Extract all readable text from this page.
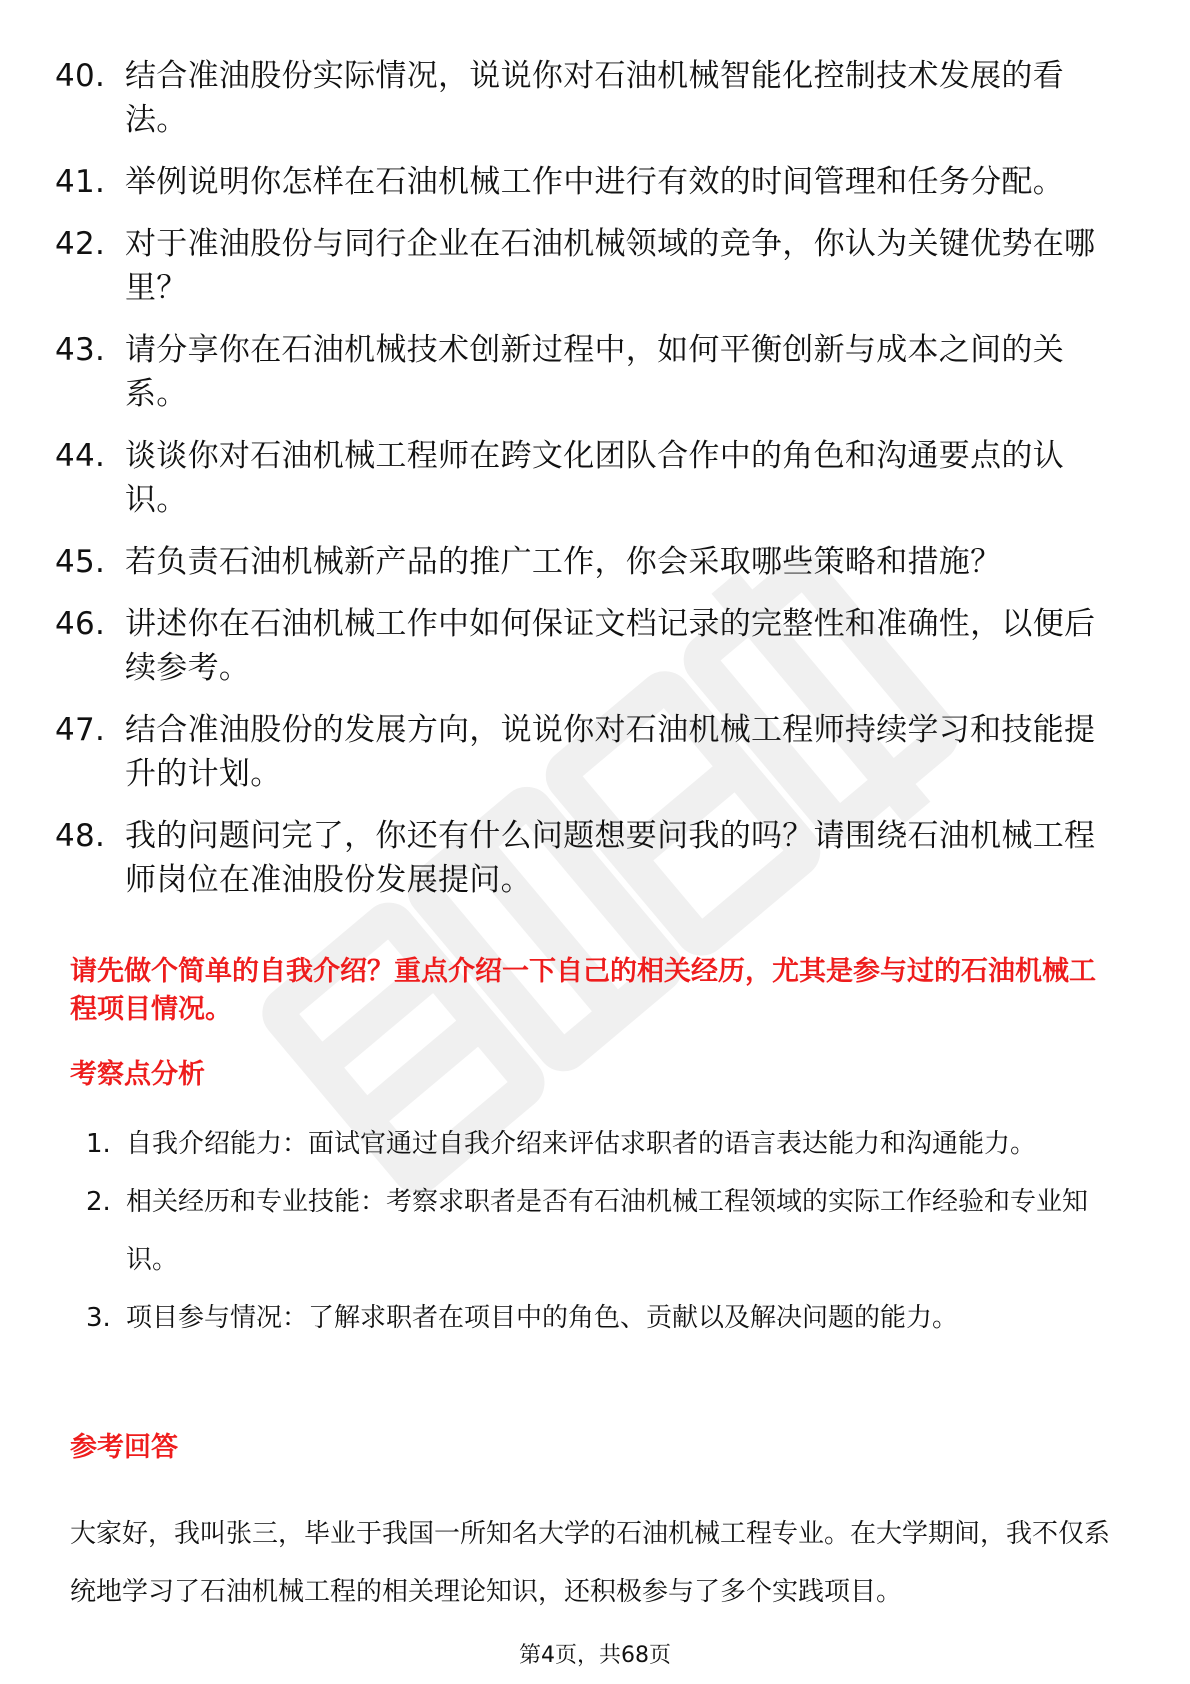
40. 结合准油股份实际情况，说说你对石油机械智能化控制技术发展的看法。
41. 举例说明你怎样在石油机械工作中进行有效的时间管理和任务分配。
42. 对于准油股份与同行企业在石油机械领域的竞争，你认为关键优势在哪里？
43. 请分享你在石油机械技术创新过程中，如何平衡创新与成本之间的关系。
44. 谈谈你对石油机械工程师在跨文化团队合作中的角色和沟通要点的认识。
45. 若负责石油机械新产品的推广工作，你会采取哪些策略和措施？
46. 讲述你在石油机械工作中如何保证文档记录的完整性和准确性，以便后续参考。
47. 结合准油股份的发展方向，说说你对石油机械工程师持续学习和技能提升的计划。
48. 我的问题问完了，你还有什么问题想要问我的吗？请围绕石油机械工程师岗位在准油股份发展提问。
请先做个简单的自我介绍？重点介绍一下自己的相关经历，尤其是参与过的石油机械工程项目情况。
考察点分析
1. 自我介绍能力：面试官通过自我介绍来评估求职者的语言表达能力和沟通能力。
2. 相关经历和专业技能：考察求职者是否有石油机械工程领域的实际工作经验和专业知识。
3. 项目参与情况：了解求职者在项目中的角色、贡献以及解决问题的能力。
参考回答
大家好，我叫张三，毕业于我国一所知名大学的石油机械工程专业。在大学期间，我不仅系统地学习了石油机械工程的相关理论知识，还积极参与了多个实践项目。
第4页，共68页
